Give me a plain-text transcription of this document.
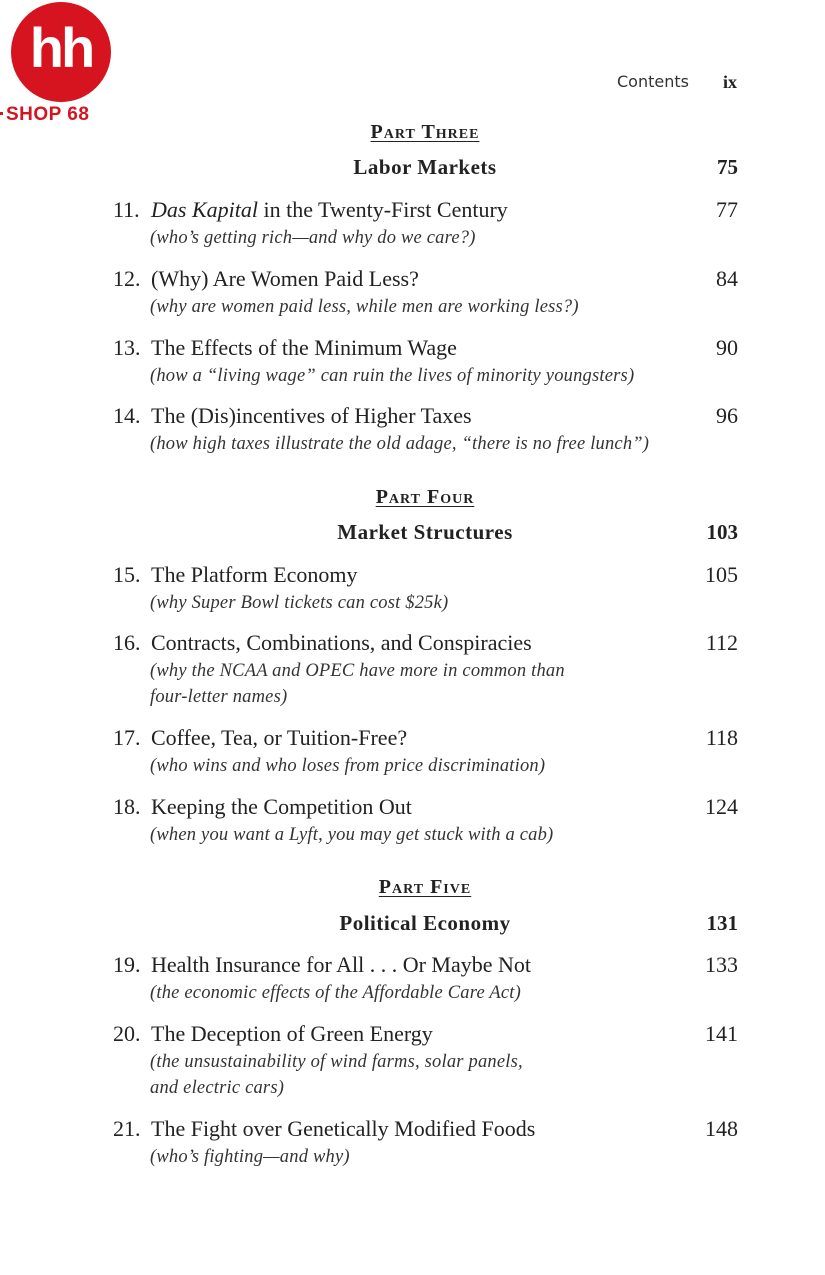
hh
SHOP 68
Contents ix
Part Three
Labor Markets	75
11. Das Kapital in the Twenty-First Century	77
(who’s getting rich—and why do we care?)
12. (Why) Are Women Paid Less?	84
(why are women paid less, while men are working less?)
13. The Effects of the Minimum Wage	90
(how a “living wage” can ruin the lives of minority youngsters)
14. The (Dis)incentives of Higher Taxes	96
(how high taxes illustrate the old adage, “there is no free lunch”)
Part Four
Market Structures	103
15. The Platform Economy	105
(why Super Bowl tickets can cost $25k)
16. Contracts, Combinations, and Conspiracies	112
(why the NCAA and OPEC have more in common than
four-letter names)
17. Coffee, Tea, or Tuition-Free?	118
(who wins and who loses from price discrimination)
18. Keeping the Competition Out	124
(when you want a Lyft, you may get stuck with a cab)
Part Five
Political Economy	131
19. Health Insurance for All . . . Or Maybe Not	133
(the economic effects of the Affordable Care Act)
20. The Deception of Green Energy	141
(the unsustainability of wind farms, solar panels,
and electric cars)
21. The Fight over Genetically Modified Foods	148
(who’s fighting—and why)
